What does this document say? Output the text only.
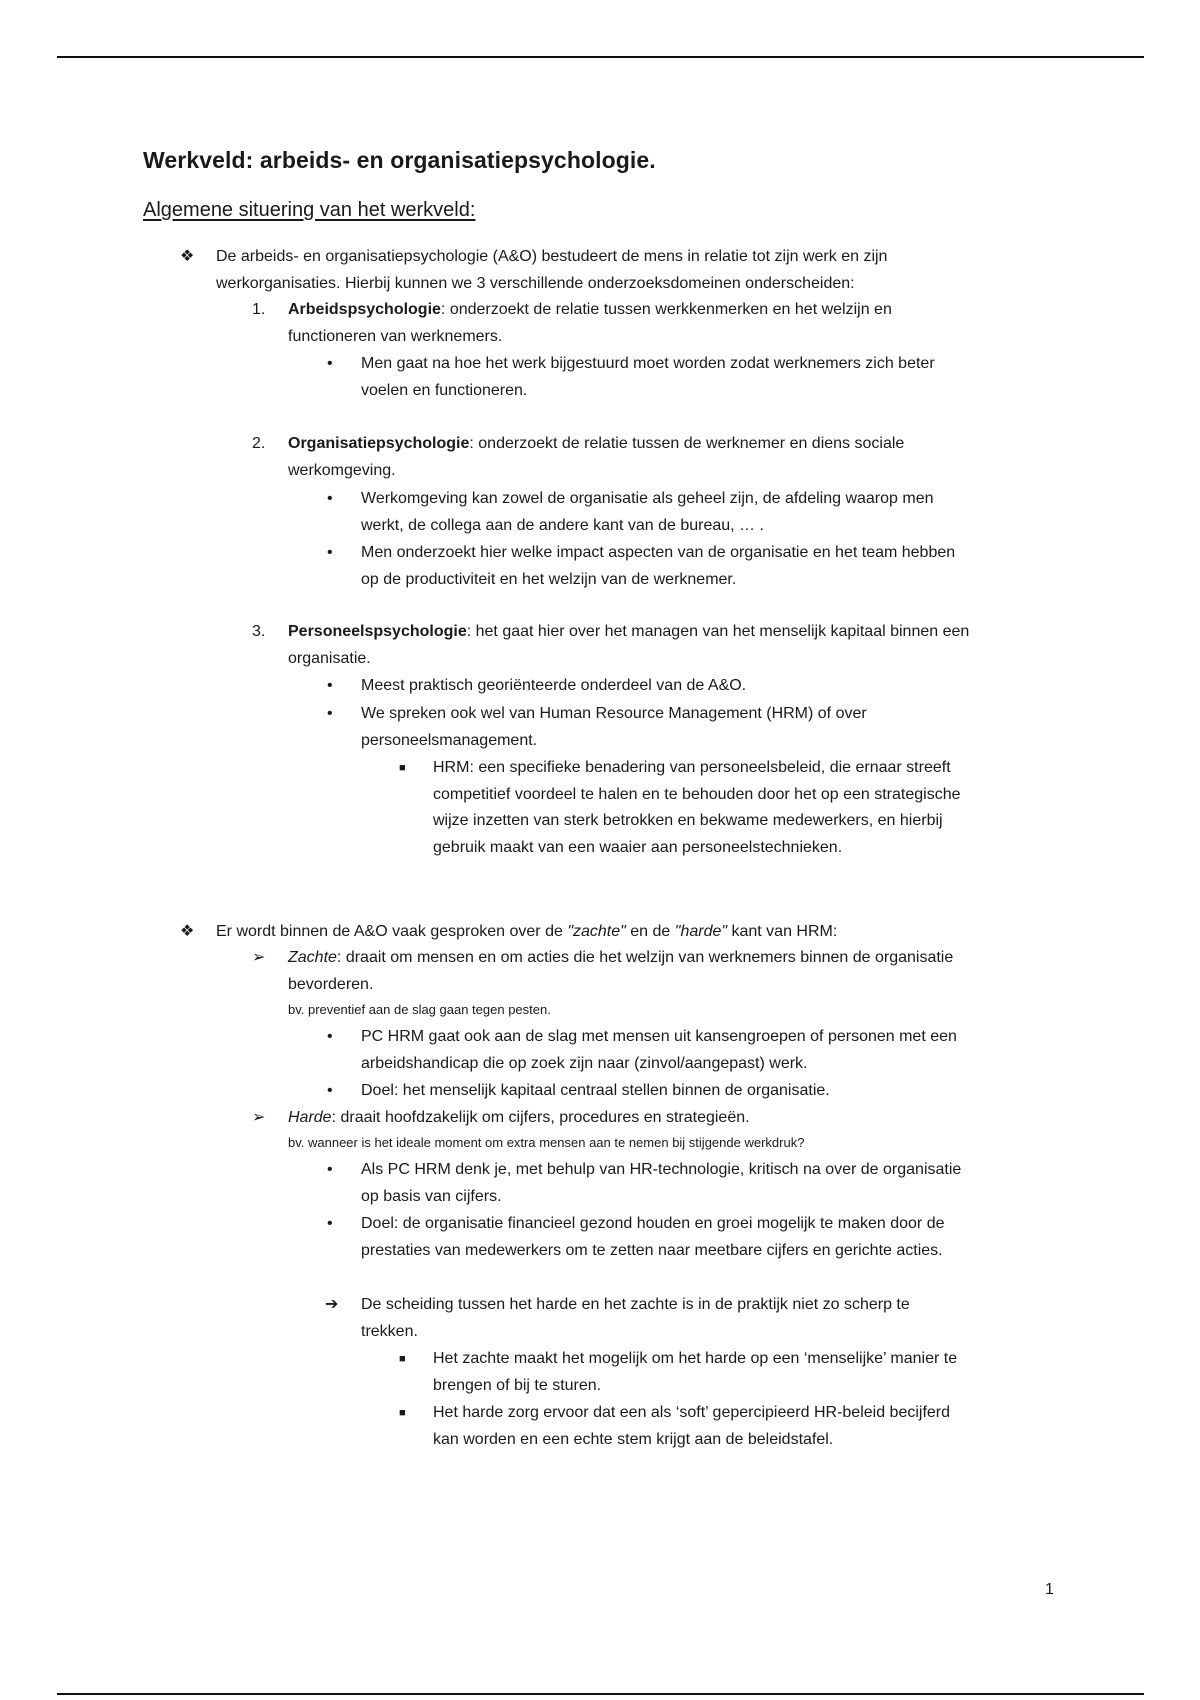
Werkveld: arbeids- en organisatiepsychologie.
Algemene situering van het werkveld:
❖ De arbeids- en organisatiepsychologie (A&O) bestudeert de mens in relatie tot zijn werk en zijn
werkorganisaties. Hierbij kunnen we 3 verschillende onderzoeksdomeinen onderscheiden:
1. Arbeidspsychologie: onderzoekt de relatie tussen werkkenmerken en het welzijn en
functioneren van werknemers.
• Men gaat na hoe het werk bijgestuurd moet worden zodat werknemers zich beter
voelen en functioneren.
2. Organisatiepsychologie: onderzoekt de relatie tussen de werknemer en diens sociale
werkomgeving.
• Werkomgeving kan zowel de organisatie als geheel zijn, de afdeling waarop men
werkt, de collega aan de andere kant van de bureau, … .
• Men onderzoekt hier welke impact aspecten van de organisatie en het team hebben
op de productiviteit en het welzijn van de werknemer.
3. Personeelspsychologie: het gaat hier over het managen van het menselijk kapitaal binnen een
organisatie.
• Meest praktisch georiënteerde onderdeel van de A&O.
• We spreken ook wel van Human Resource Management (HRM) of over
personeelsmanagement.
■ HRM: een specifieke benadering van personeelsbeleid, die ernaar streeft
competitief voordeel te halen en te behouden door het op een strategische
wijze inzetten van sterk betrokken en bekwame medewerkers, en hierbij
gebruik maakt van een waaier aan personeelstechnieken.
❖ Er wordt binnen de A&O vaak gesproken over de "zachte" en de "harde" kant van HRM:
➢ Zachte: draait om mensen en om acties die het welzijn van werknemers binnen de organisatie
bevorderen.
bv. preventief aan de slag gaan tegen pesten.
• PC HRM gaat ook aan de slag met mensen uit kansengroepen of personen met een
arbeidshandicap die op zoek zijn naar (zinvol/aangepast) werk.
• Doel: het menselijk kapitaal centraal stellen binnen de organisatie.
➢ Harde: draait hoofdzakelijk om cijfers, procedures en strategieën.
bv. wanneer is het ideale moment om extra mensen aan te nemen bij stijgende werkdruk?
• Als PC HRM denk je, met behulp van HR-technologie, kritisch na over de organisatie
op basis van cijfers.
• Doel: de organisatie financieel gezond houden en groei mogelijk te maken door de
prestaties van medewerkers om te zetten naar meetbare cijfers en gerichte acties.
➔ De scheiding tussen het harde en het zachte is in de praktijk niet zo scherp te
trekken.
■ Het zachte maakt het mogelijk om het harde op een ‘menselijke’ manier te
brengen of bij te sturen.
■ Het harde zorg ervoor dat een als ‘soft’ gepercipieerd HR-beleid becijferd
kan worden en een echte stem krijgt aan de beleidstafel.
1
